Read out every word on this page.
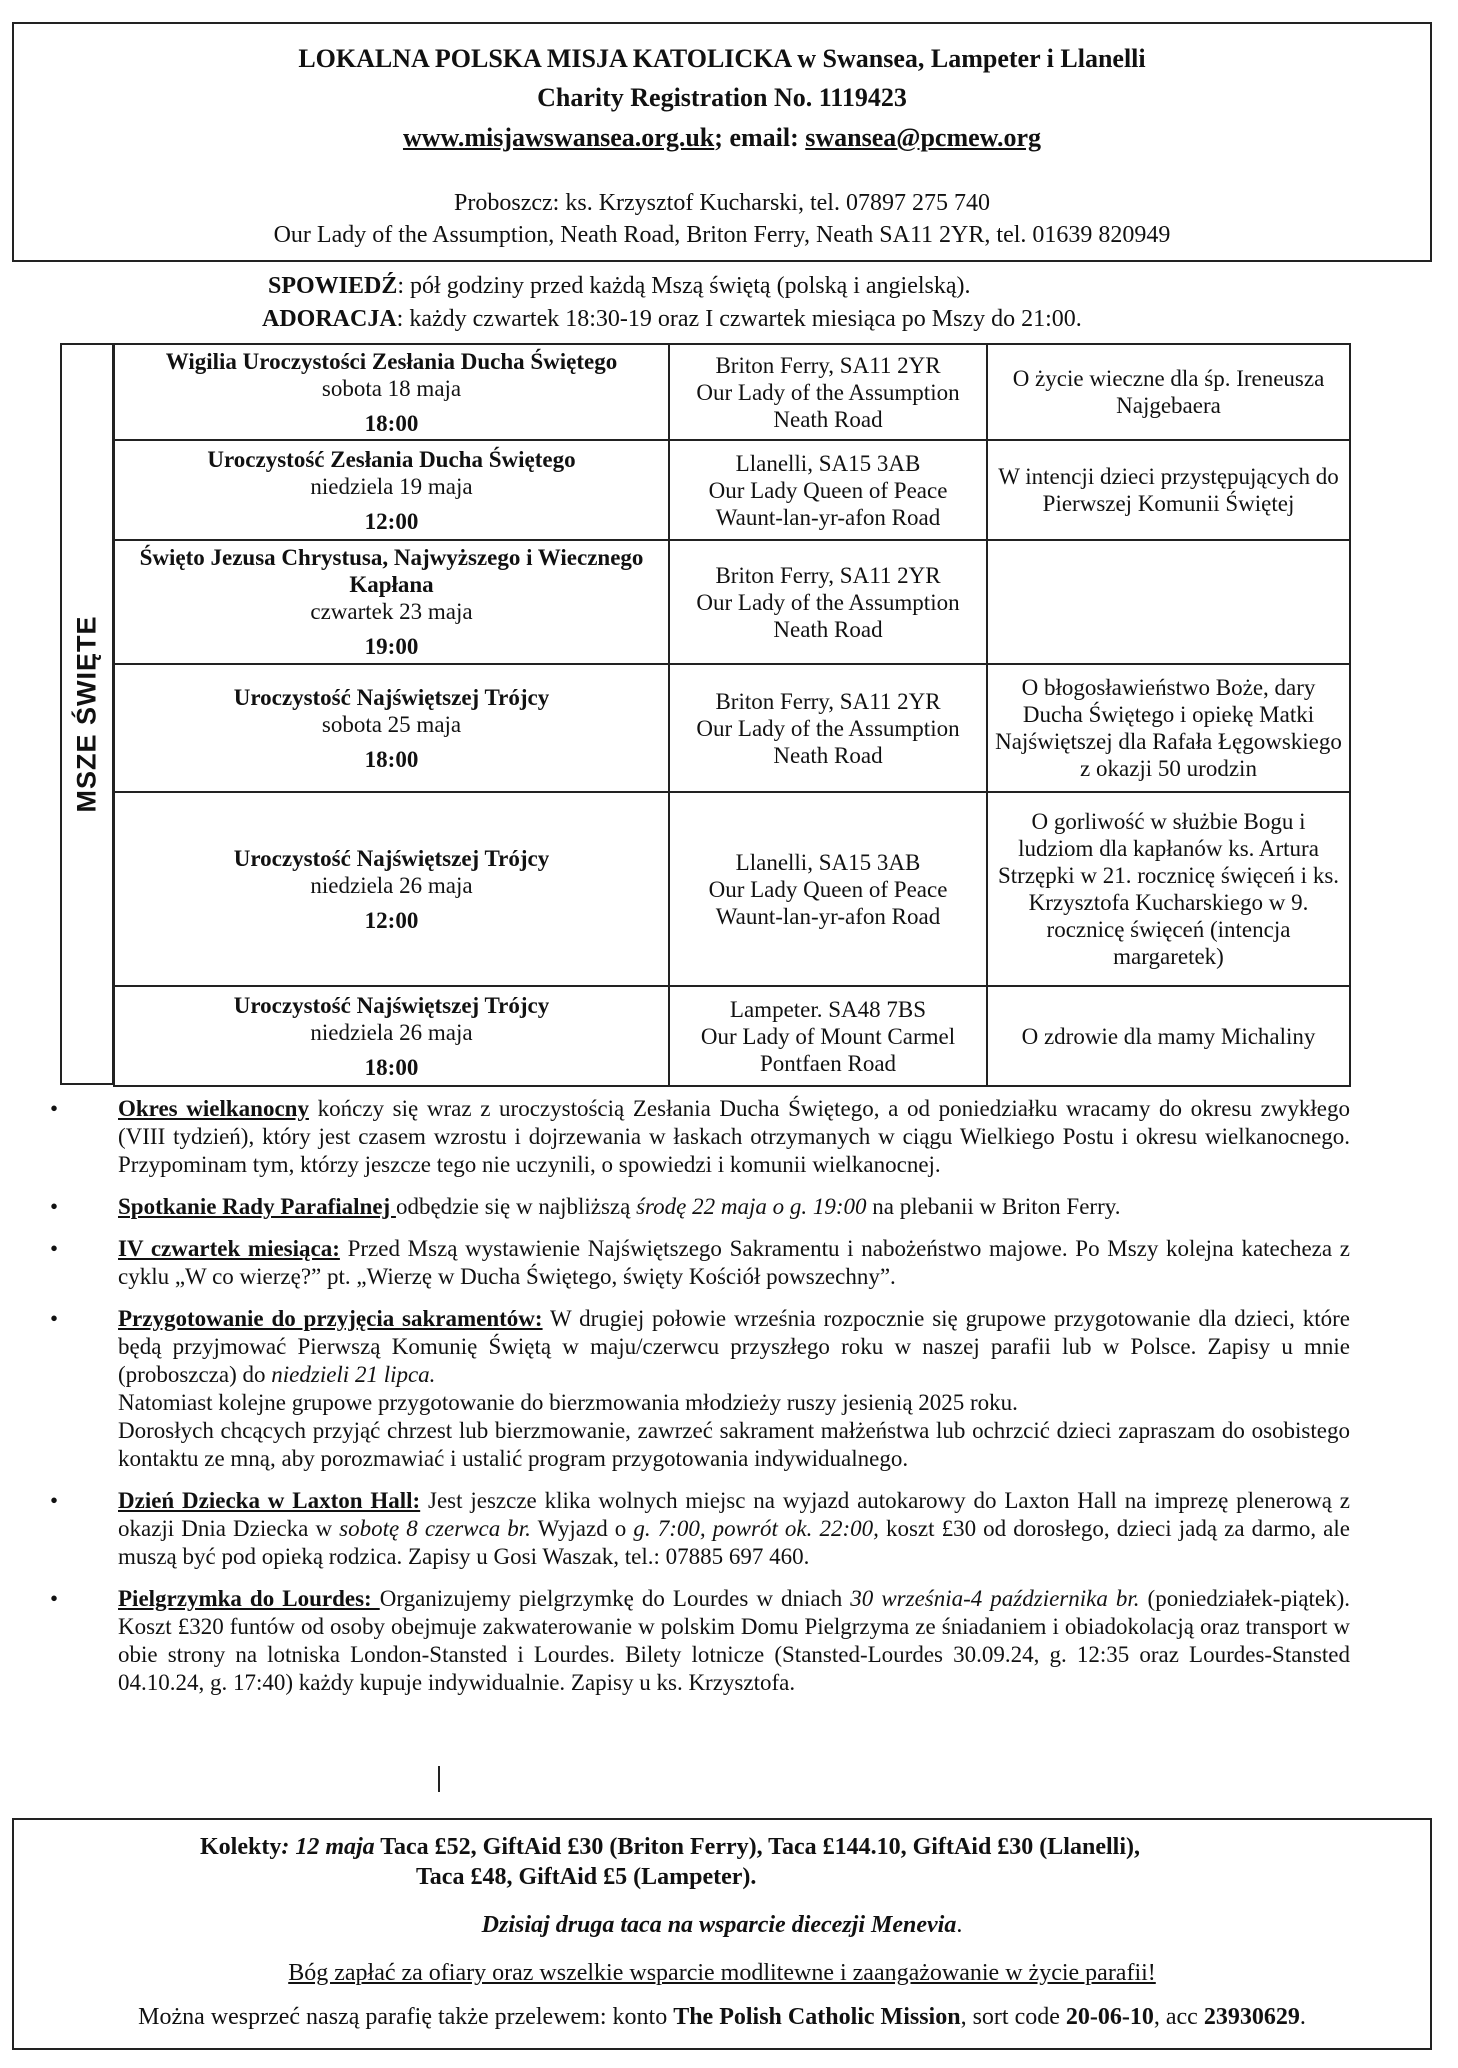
LOKALNA POLSKA MISJA KATOLICKA w Swansea, Lampeter i Llanelli
Charity Registration No. 1119423
www.misjawswansea.org.uk; email: swansea@pcmew.org
Proboszcz: ks. Krzysztof Kucharski, tel. 07897 275 740
Our Lady of the Assumption, Neath Road, Briton Ferry, Neath SA11 2YR, tel. 01639 820949
SPOWIEDŹ: pół godziny przed każdą Mszą świętą (polską i angielską).
ADORACJA: każdy czwartek 18:30-19 oraz I czwartek miesiąca po Mszy do 21:00.
MSZE ŚWIĘTE

	Wigilia Uroczystości Zesłania Ducha Świętego
sobota 18 maja
18:00	Briton Ferry, SA11 2YR
Our Lady of the Assumption
Neath Road	O życie wieczne dla śp. Ireneusza Najgebaera

	Uroczystość Zesłania Ducha Świętego
niedziela 19 maja
12:00	Llanelli, SA15 3AB
Our Lady Queen of Peace
Waunt-lan-yr-afon Road	W intencji dzieci przystępujących do Pierwszej Komunii Świętej

	Święto Jezusa Chrystusa, Najwyższego i Wiecznego Kapłana
czwartek 23 maja
19:00	Briton Ferry, SA11 2YR
Our Lady of the Assumption
Neath Road	

	Uroczystość Najświętszej Trójcy
sobota 25 maja
18:00	Briton Ferry, SA11 2YR
Our Lady of the Assumption
Neath Road	O błogosławieństwo Boże, dary Ducha Świętego i opiekę Matki Najświętszej dla Rafała Łęgowskiego z okazji 50 urodzin

	Uroczystość Najświętszej Trójcy
niedziela 26 maja
12:00	Llanelli, SA15 3AB
Our Lady Queen of Peace
Waunt-lan-yr-afon Road	O gorliwość w służbie Bogu i ludziom dla kapłanów ks. Artura Strzępki w 21. rocznicę święceń i ks. Krzysztofa Kucharskiego w 9. rocznicę święceń (intencja margaretek)

	Uroczystość Najświętszej Trójcy
niedziela 26 maja
18:00	Lampeter. SA48 7BS
Our Lady of Mount Carmel
Pontfaen Road	O zdrowie dla mamy Michaliny
•	Okres wielkanocny kończy się wraz z uroczystością Zesłania Ducha Świętego, a od poniedziałku wracamy do okresu zwykłego (VIII tydzień), który jest czasem wzrostu i dojrzewania w łaskach otrzymanych w ciągu Wielkiego Postu i okresu wielkanocnego. Przypominam tym, którzy jeszcze tego nie uczynili, o spowiedzi i komunii wielkanocnej.
•	Spotkanie Rady Parafialnej odbędzie się w najbliższą środę 22 maja o g. 19:00 na plebanii w Briton Ferry.
•	IV czwartek miesiąca: Przed Mszą wystawienie Najświętszego Sakramentu i nabożeństwo majowe. Po Mszy kolejna katecheza z cyklu „W co wierzę?” pt. „Wierzę w Ducha Świętego, święty Kościół powszechny”.
•	Przygotowanie do przyjęcia sakramentów: W drugiej połowie września rozpocznie się grupowe przygotowanie dla dzieci, które będą przyjmować Pierwszą Komunię Świętą w maju/czerwcu przyszłego roku w naszej parafii lub w Polsce. Zapisy u mnie (proboszcza) do niedzieli 21 lipca.
Natomiast kolejne grupowe przygotowanie do bierzmowania młodzieży ruszy jesienią 2025 roku.
Dorosłych chcących przyjąć chrzest lub bierzmowanie, zawrzeć sakrament małżeństwa lub ochrzcić dzieci zapraszam do osobistego kontaktu ze mną, aby porozmawiać i ustalić program przygotowania indywidualnego.
•	Dzień Dziecka w Laxton Hall: Jest jeszcze klika wolnych miejsc na wyjazd autokarowy do Laxton Hall na imprezę plenerową z okazji Dnia Dziecka w sobotę 8 czerwca br. Wyjazd o g. 7:00, powrót ok. 22:00, koszt £30 od dorosłego, dzieci jadą za darmo, ale muszą być pod opieką rodzica. Zapisy u Gosi Waszak, tel.: 07885 697 460.
•	Pielgrzymka do Lourdes: Organizujemy pielgrzymkę do Lourdes w dniach 30 września-4 października br. (poniedziałek-piątek). Koszt £320 funtów od osoby obejmuje zakwaterowanie w polskim Domu Pielgrzyma ze śniadaniem i obiadokolacją oraz transport w obie strony na lotniska London-Stansted i Lourdes. Bilety lotnicze (Stansted-Lourdes 30.09.24, g. 12:35 oraz Lourdes-Stansted 04.10.24, g. 17:40) każdy kupuje indywidualnie. Zapisy u ks. Krzysztofa.
Kolekty: 12 maja Taca £52, GiftAid £30 (Briton Ferry), Taca £144.10, GiftAid £30 (Llanelli),
Taca £48, GiftAid £5 (Lampeter).
Dzisiaj druga taca na wsparcie diecezji Menevia.
Bóg zapłać za ofiary oraz wszelkie wsparcie modlitewne i zaangażowanie w życie parafii!
Można wesprzeć naszą parafię także przelewem: konto The Polish Catholic Mission, sort code 20-06-10, acc 23930629.
